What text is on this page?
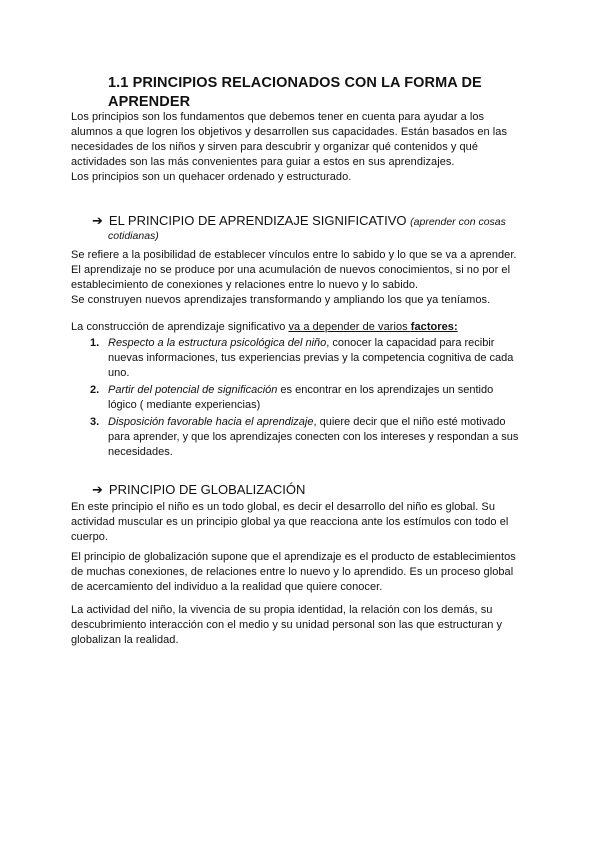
1.1 PRINCIPIOS RELACIONADOS CON LA FORMA DE
APRENDER
Los principios son los fundamentos que debemos tener en cuenta para ayudar a los
alumnos a que logren los objetivos y desarrollen sus capacidades. Están basados en las
necesidades de los niños y sirven para descubrir y organizar qué contenidos y qué
actividades son las más convenientes para guiar a estos en sus aprendizajes.
Los principios son un quehacer ordenado y estructurado.
➔ EL PRINCIPIO DE APRENDIZAJE SIGNIFICATIVO (aprender con cosas
cotidianas)
Se refiere a la posibilidad de establecer vínculos entre lo sabido y lo que se va a aprender.
El aprendizaje no se produce por una acumulación de nuevos conocimientos, si no por el
establecimiento de conexiones y relaciones entre lo nuevo y lo sabido.
Se construyen nuevos aprendizajes transformando y ampliando los que ya teníamos.
La construcción de aprendizaje significativo va a depender de varios factores:
1. Respecto a la estructura psicológica del niño, conocer la capacidad para recibir
nuevas informaciones, tus experiencias previas y la competencia cognitiva de cada
uno.
2. Partir del potencial de significación es encontrar en los aprendizajes un sentido
lógico ( mediante experiencias)
3. Disposición favorable hacia el aprendizaje, quiere decir que el niño esté motivado
para aprender, y que los aprendizajes conecten con los intereses y respondan a sus
necesidades.
➔ PRINCIPIO DE GLOBALIZACIÓN
En este principio el niño es un todo global, es decir el desarrollo del niño es global. Su
actividad muscular es un principio global ya que reacciona ante los estímulos con todo el
cuerpo.
El principio de globalización supone que el aprendizaje es el producto de establecimientos
de muchas conexiones, de relaciones entre lo nuevo y lo aprendido. Es un proceso global
de acercamiento del individuo a la realidad que quiere conocer.
La actividad del niño, la vivencia de su propia identidad, la relación con los demás, su
descubrimiento interacción con el medio y su unidad personal son las que estructuran y
globalizan la realidad.
